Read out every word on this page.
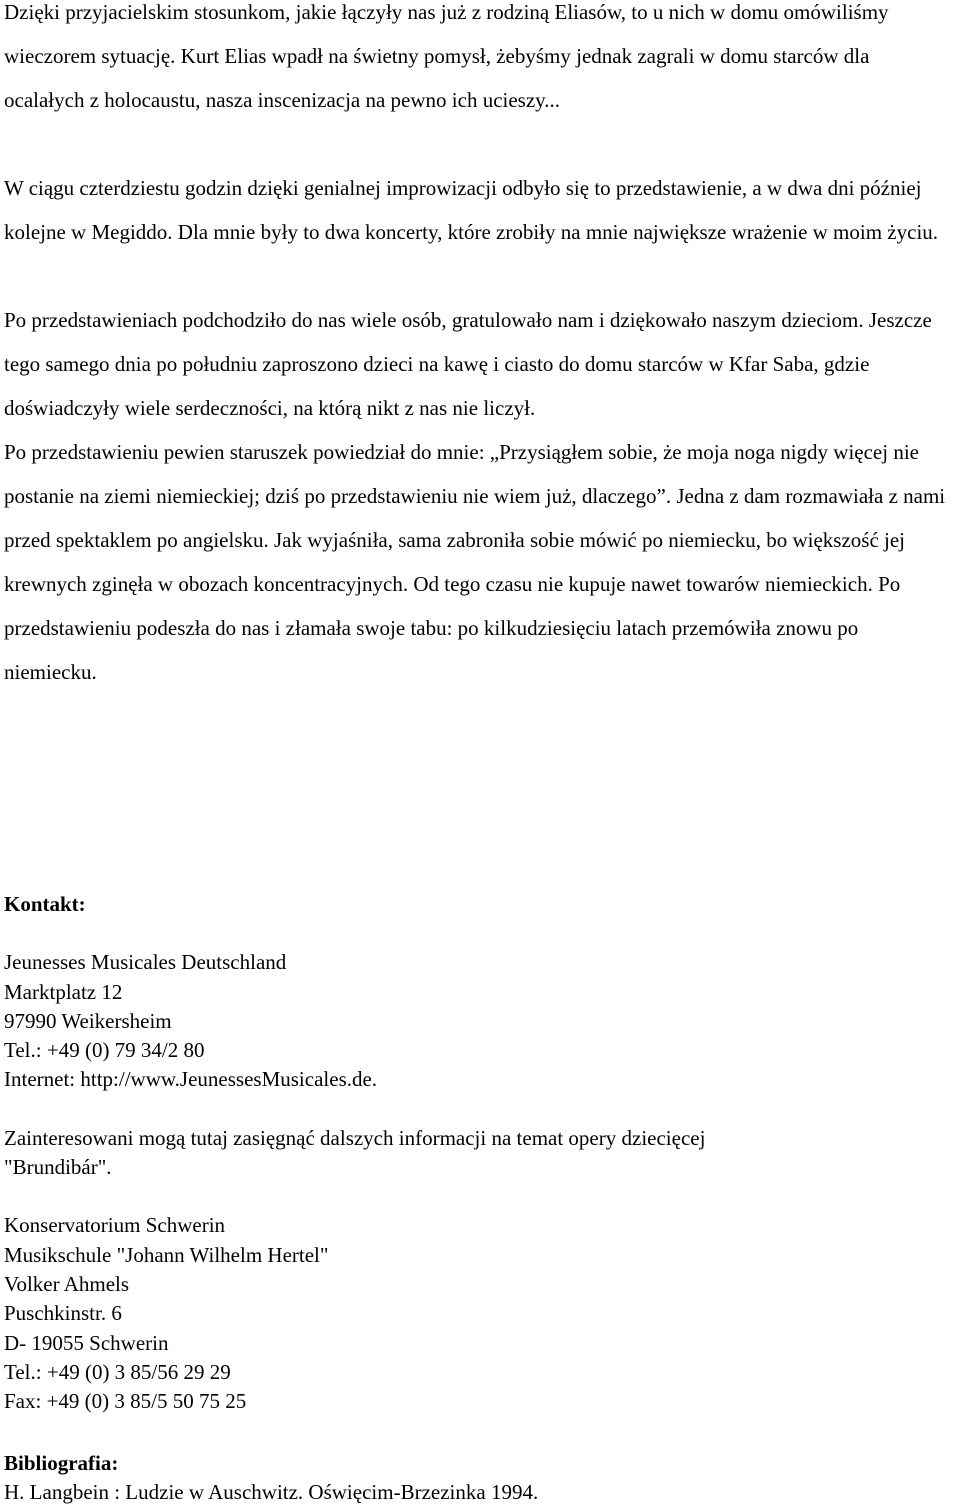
Dzięki przyjacielskim stosunkom, jakie łączyły nas już z rodziną Eliasów, to u nich w domu omówiliśmy wieczorem sytuację. Kurt Elias wpadł na świetny pomysł, żebyśmy jednak zagrali w domu starców dla ocalałych z holocaustu, nasza inscenizacja na pewno ich ucieszy...

W ciągu czterdziestu godzin dzięki genialnej improwizacji odbyło się to przedstawienie, a w dwa dni później kolejne w Megiddo. Dla mnie były to dwa koncerty, które zrobiły na mnie największe wrażenie w moim życiu.

Po przedstawieniach podchodziło do nas wiele osób, gratulowało nam i dziękowało naszym dzieciom. Jeszcze tego samego dnia po południu zaproszono dzieci na kawę i ciasto do domu starców w Kfar Saba, gdzie doświadczyły wiele serdeczności, na którą nikt z nas nie liczył.

Po przedstawieniu pewien staruszek powiedział do mnie: „Przysiągłem sobie, że moja noga nigdy więcej nie postanie na ziemi niemieckiej; dziś po przedstawieniu nie wiem już, dlaczego”. Jedna z dam rozmawiała z nami przed spektaklem po angielsku. Jak wyjaśniła, sama zabroniła sobie mówić po niemiecku, bo większość jej krewnych zginęła w obozach koncentracyjnych. Od tego czasu nie kupuje nawet towarów niemieckich. Po przedstawieniu podeszła do nas i złamała swoje tabu: po kilkudziesięciu latach przemówiła znowu po niemiecku.

Kontakt:
Jeunesses Musicales Deutschland
Marktplatz 12
97990 Weikersheim
Tel.: +49 (0) 79 34/2 80
Internet: http://www.JeunessesMusicales.de.
Zainteresowani mogą tutaj zasięgnąć dalszych informacji na temat opery dziecięcej
"Brundibár".
Konservatorium Schwerin
Musikschule "Johann Wilhelm Hertel"
Volker Ahmels
Puschkinstr. 6
D- 19055 Schwerin
Tel.: +49 (0) 3 85/56 29 29
Fax: +49 (0) 3 85/5 50 75 25
Bibliografia:
H. Langbein : Ludzie w Auschwitz. Oświęcim-Brzezinka 1994.
